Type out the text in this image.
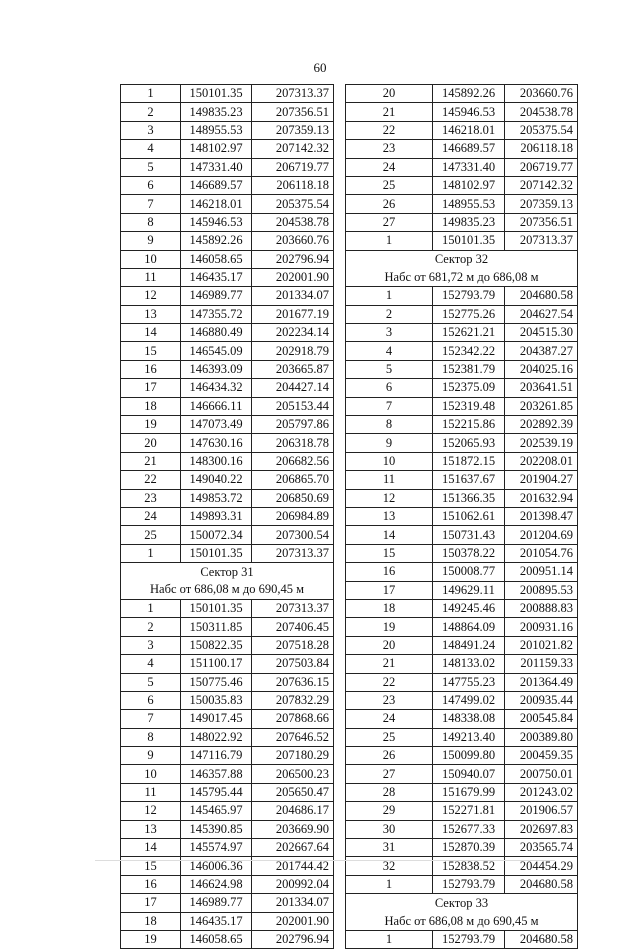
60
1	150101.35	207313.37
2	149835.23	207356.51
3	148955.53	207359.13
4	148102.97	207142.32
5	147331.40	206719.77
6	146689.57	206118.18
7	146218.01	205375.54
8	145946.53	204538.78
9	145892.26	203660.76
10	146058.65	202796.94
11	146435.17	202001.90
12	146989.77	201334.07
13	147355.72	201677.19
14	146880.49	202234.14
15	146545.09	202918.79
16	146393.09	203665.87
17	146434.32	204427.14
18	146666.11	205153.44
19	147073.49	205797.86
20	147630.16	206318.78
21	148300.16	206682.56
22	149040.22	206865.70
23	149853.72	206850.69
24	149893.31	206984.89
25	150072.34	207300.54
1	150101.35	207313.37
Сектор 31		
Набс от 686,08 м до 690,45 м		
1	150101.35	207313.37
2	150311.85	207406.45
3	150822.35	207518.28
4	151100.17	207503.84
5	150775.46	207636.15
6	150035.83	207832.29
7	149017.45	207868.66
8	148022.92	207646.52
9	147116.79	207180.29
10	146357.88	206500.23
11	145795.44	205650.47
12	145465.97	204686.17
13	145390.85	203669.90
14	145574.97	202667.64
15	146006.36	201744.42
16	146624.98	200992.04
17	146989.77	201334.07
18	146435.17	202001.90
19	146058.65	202796.94
20	145892.26	203660.76
21	145946.53	204538.78
22	146218.01	205375.54
23	146689.57	206118.18
24	147331.40	206719.77
25	148102.97	207142.32
26	148955.53	207359.13
27	149835.23	207356.51
1	150101.35	207313.37
Сектор 32		
Набс от 681,72 м до 686,08 м		
1	152793.79	204680.58
2	152775.26	204627.54
3	152621.21	204515.30
4	152342.22	204387.27
5	152381.79	204025.16
6	152375.09	203641.51
7	152319.48	203261.85
8	152215.86	202892.39
9	152065.93	202539.19
10	151872.15	202208.01
11	151637.67	201904.27
12	151366.35	201632.94
13	151062.61	201398.47
14	150731.43	201204.69
15	150378.22	201054.76
16	150008.77	200951.14
17	149629.11	200895.53
18	149245.46	200888.83
19	148864.09	200931.16
20	148491.24	201021.82
21	148133.02	201159.33
22	147755.23	201364.49
23	147499.02	200935.44
24	148338.08	200545.84
25	149213.40	200389.80
26	150099.80	200459.35
27	150940.07	200750.01
28	151679.99	201243.02
29	152271.81	201906.57
30	152677.33	202697.83
31	152870.39	203565.74
32	152838.52	204454.29
1	152793.79	204680.58
Сектор 33		
Набс от 686,08 м до 690,45 м		
1	152793.79	204680.58
